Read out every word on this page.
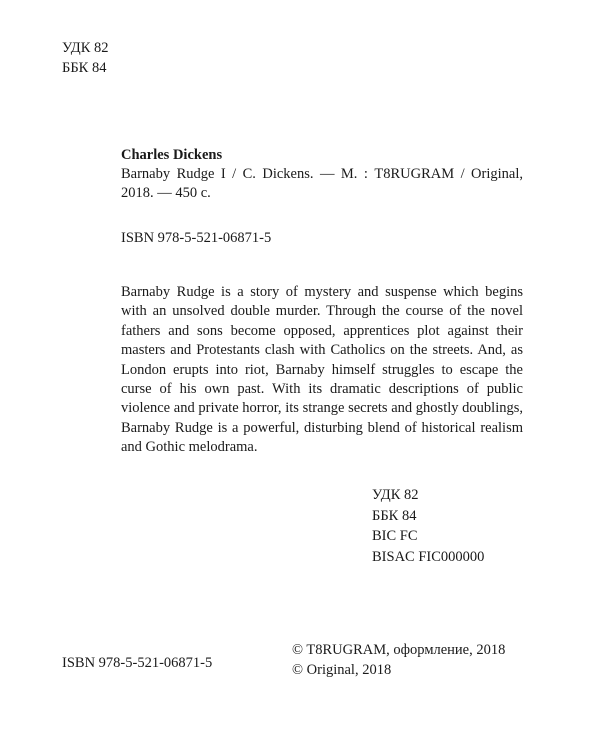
УДК 82
ББК 84
Charles Dickens
Barnaby Rudge I / C. Dickens. — М. : T8RUGRAM / Original, 2018. — 450 с.
ISBN 978-5-521-06871-5
Barnaby Rudge is a story of mystery and suspense which begins with an unsolved double murder. Through the course of the novel fathers and sons become opposed, apprentices plot against their masters and Protestants clash with Catholics on the streets. And, as London erupts into riot, Barnaby himself struggles to escape the curse of his own past. With its dramatic descriptions of public violence and private horror, its strange secrets and ghostly doublings, Barnaby Rudge is a powerful, disturbing blend of historical realism and Gothic melodrama.
УДК 82
ББК 84
BIC FC
BISAC FIC000000
© T8RUGRAM, оформление, 2018
© Original, 2018
ISBN 978-5-521-06871-5
